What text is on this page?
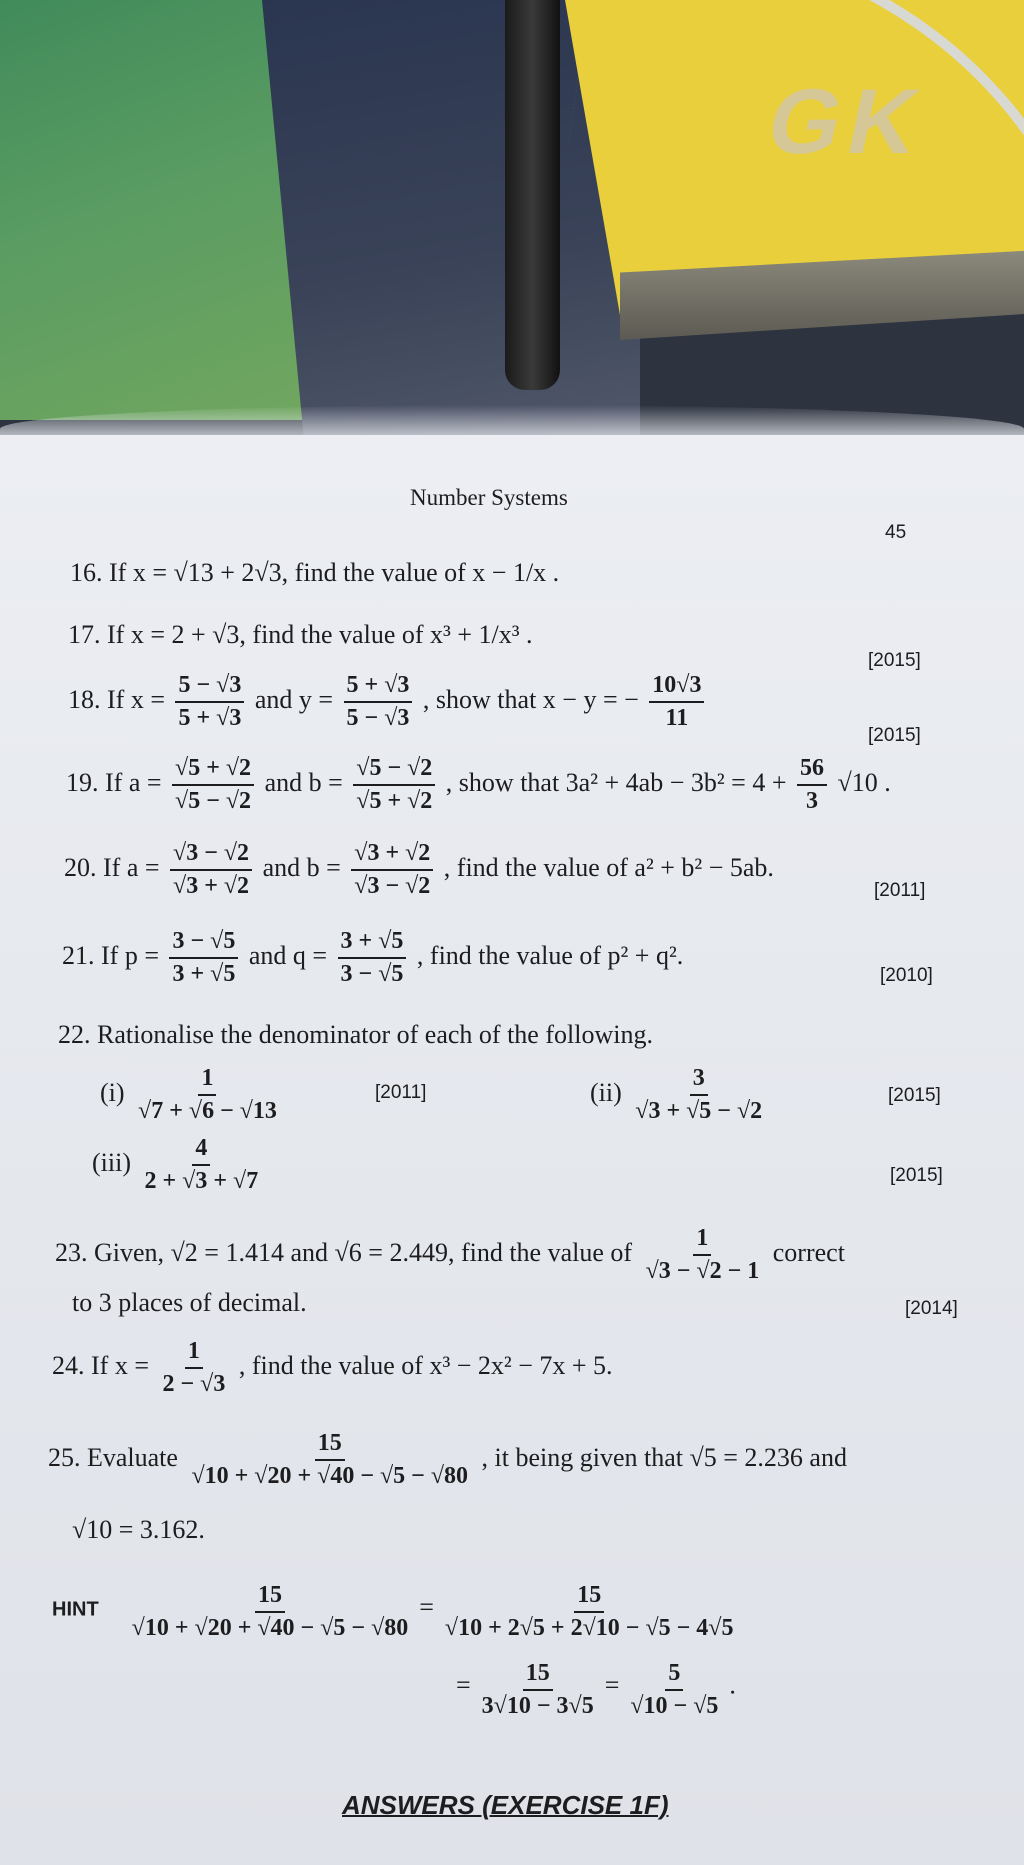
GK
Number Systems
45
16. If x = √13 + 2√3, find the value of x − 1/x .
17. If x = 2 + √3, find the value of x³ + 1/x³ .
[2015]
18. If $x = \frac{5 - √3}{5 + √3}$ and $y = \frac{5 + √3}{5 - √3}$ , show that x − y = − $\frac{10√3}{11}$
[2015]
19. If $a = \frac{√5 + √2}{√5 - √2}$ and $b = \frac{√5 - √2}{√5 + √2}$ , show that $3a^2 + 4ab - 3b^2 = 4 + \frac{56}{3} √10$ .
20. If $a = \frac{√3 - √2}{√3 + √2}$ and $b = \frac{√3 + √2}{√3 - √2}$ , find the value of a² + b² − 5ab.
[2011]
21. If $p = \frac{3 - √5}{3 + √5}$ and $q = \frac{3 + √5}{3 - √5}$ , find the value of p² + q².
[2010]
22. Rationalise the denominator of each of the following.
$(i) \frac{1}{√7 + √6 - √13}$	[2011]	$(ii) \frac{3}{√3 + √5 - √2}$	[2015]
$(iii) \frac{4}{2 + √3 + √7}$	[2015]
23. Given, √2 = 1.414 and √6 = 2.449, find the value of $\frac{1}{√3 - √2 - 1}$ correct
to 3 places of decimal.	[2014]
24. If $x = \frac{1}{2 - √3}$ , find the value of x³ − 2x² − 7x + 5.
25. Evaluate $\frac{15}{√10 + √20 + √40 - √5 - √80}$ , it being given that √5 = 2.236 and
√10 = 3.162.
HINT $\frac{15}{√10 + √20 + √40 - √5 - √80} = \frac{15}{√10 + 2√5 + 2√10 - √5 - 4√5}$
= $\frac{15}{3√10 - 3√5} = \frac{5}{√10 - √5}$ .
ANSWERS (EXERCISE 1F)
